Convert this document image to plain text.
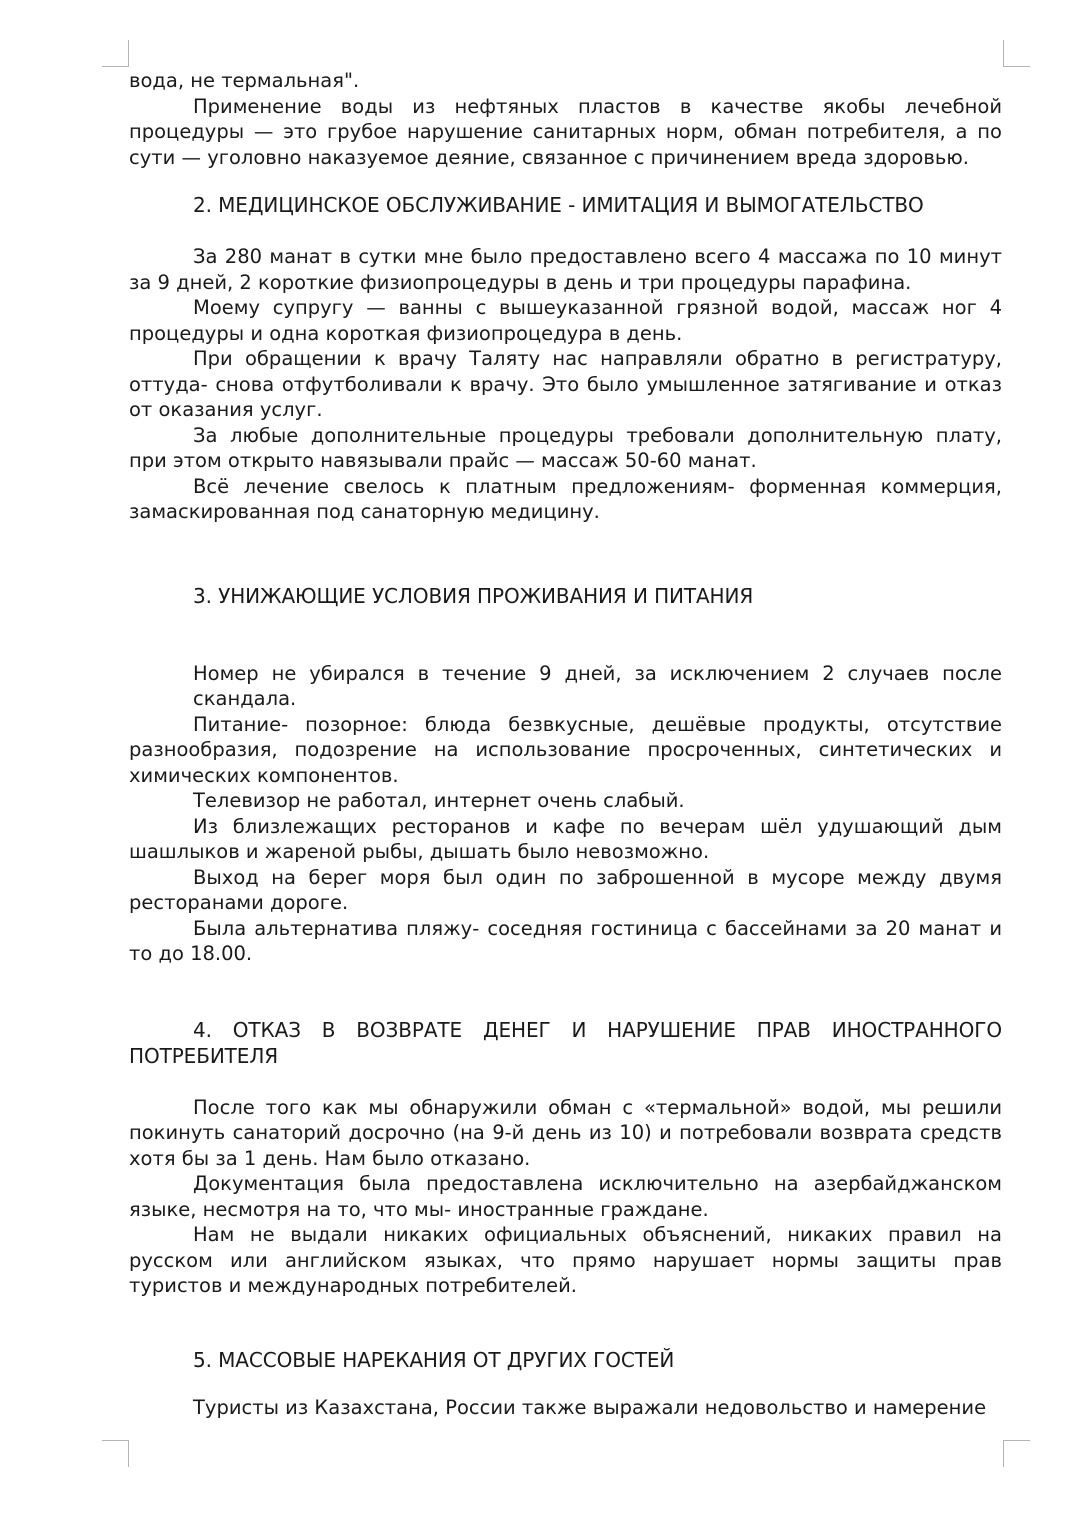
вода, не термальная".

Применение воды из нефтяных пластов в качестве якобы лечебной процедуры — это грубое нарушение санитарных норм, обман потребителя, а по сути — уголовно наказуемое деяние, связанное с причинением вреда здоровью.

2. МЕДИЦИНСКОЕ ОБСЛУЖИВАНИЕ - ИМИТАЦИЯ И ВЫМОГАТЕЛЬСТВО

За 280 манат в сутки мне было предоставлено всего 4 массажа по 10 минут за 9 дней, 2 короткие физиопроцедуры в день и три процедуры парафина.

Моему супругу — ванны с вышеуказанной грязной водой, массаж ног 4 процедуры и одна короткая физиопроцедура в день.

При обращении к врачу Таляту нас направляли обратно в регистратуру, оттуда- снова отфутболивали к врачу. Это было умышленное затягивание и отказ от оказания услуг.

За любые дополнительные процедуры требовали дополнительную плату, при этом открыто навязывали прайс — массаж 50-60 манат.

Всё лечение свелось к платным предложениям- форменная коммерция, замаскированная под санаторную медицину.

3. УНИЖАЮЩИЕ УСЛОВИЯ ПРОЖИВАНИЯ И ПИТАНИЯ

Номер не убирался в течение 9 дней, за исключением 2 случаев после скандала.

Питание- позорное: блюда безвкусные, дешёвые продукты, отсутствие разнообразия, подозрение на использование просроченных, синтетических и химических компонентов.

Телевизор не работал, интернет очень слабый.

Из близлежащих ресторанов и кафе по вечерам шёл удушающий дым шашлыков и жареной рыбы, дышать было невозможно.

Выход на берег моря был один по заброшенной в мусоре между двумя ресторанами дороге.

Была альтернатива пляжу- соседняя гостиница с бассейнами за 20 манат и то до 18.00.

4. ОТКАЗ В ВОЗВРАТЕ ДЕНЕГ И НАРУШЕНИЕ ПРАВ ИНОСТРАННОГО ПОТРЕБИТЕЛЯ

После того как мы обнаружили обман с «термальной» водой, мы решили покинуть санаторий досрочно (на 9-й день из 10) и потребовали возврата средств хотя бы за 1 день. Нам было отказано.

Документация была предоставлена исключительно на азербайджанском языке, несмотря на то, что мы- иностранные граждане.

Нам не выдали никаких официальных объяснений, никаких правил на русском или английском языках, что прямо нарушает нормы защиты прав туристов и международных потребителей.

5. МАССОВЫЕ НАРЕКАНИЯ ОТ ДРУГИХ ГОСТЕЙ

Туристы из Казахстана, России также выражали недовольство и намерение
